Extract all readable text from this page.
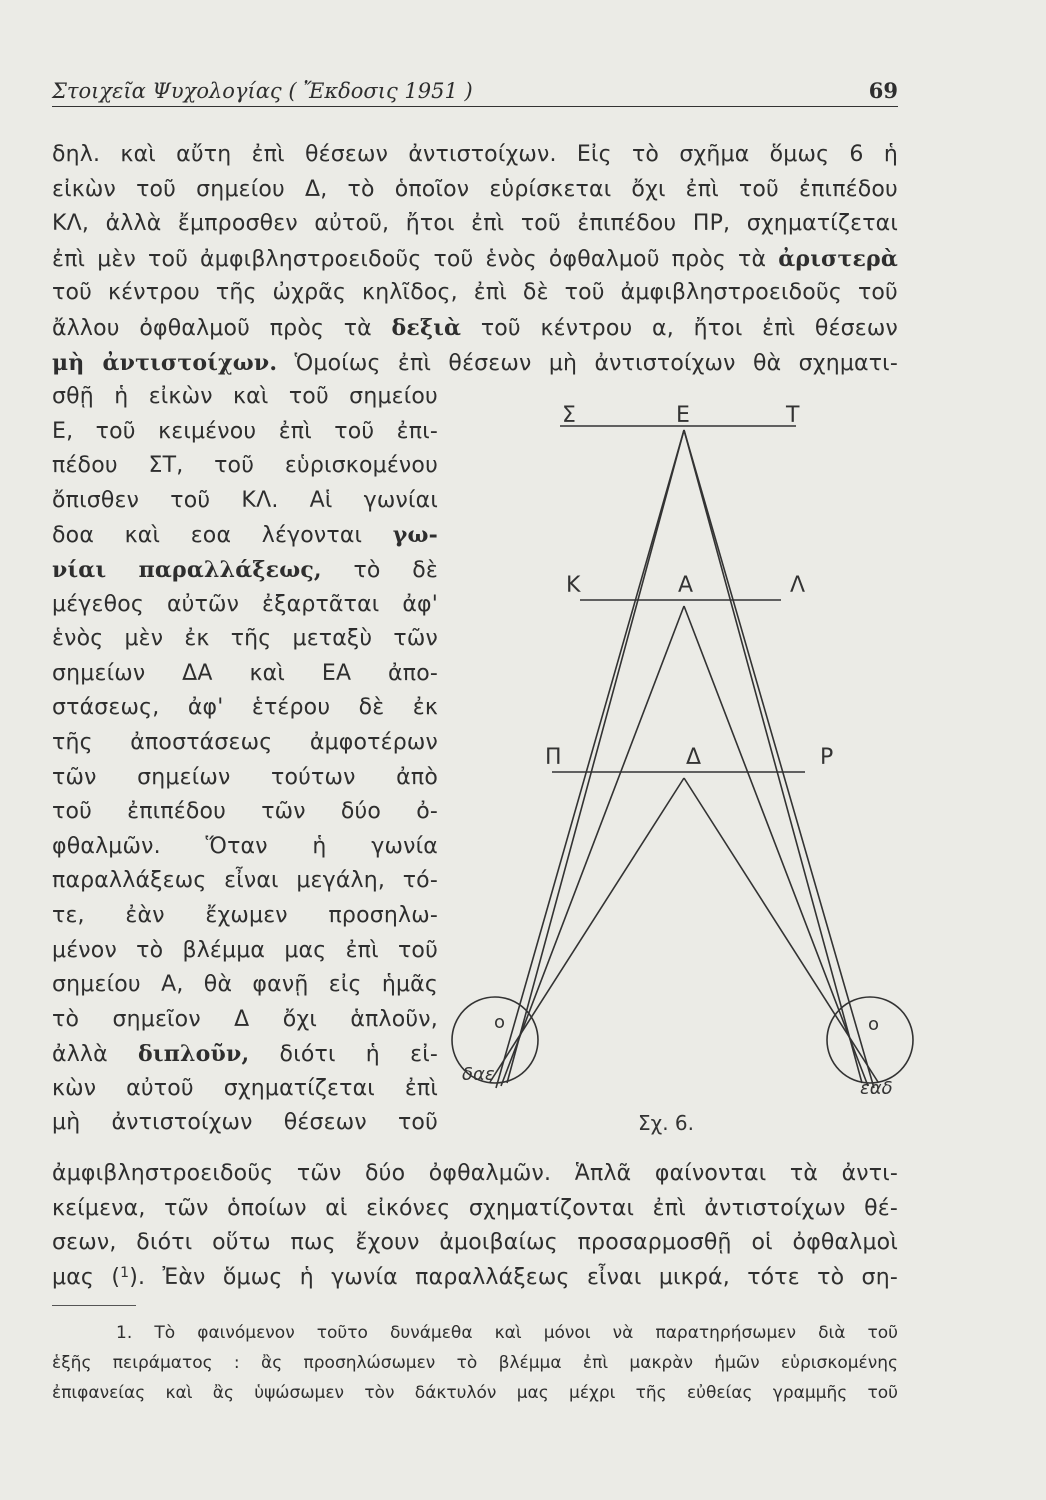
Στοιχεῖα Ψυχολογίας ( Ἔκδοσις 1951 )	69
δηλ. καὶ αὔτη ἐπὶ θέσεων ἀντιστοίχων. Εἰς τὸ σχῆμα ὅμως 6 ἡ
εἰκὼν τοῦ σημείου Δ, τὸ ὁποῖον εὑρίσκεται ὄχι ἐπὶ τοῦ ἐπιπέδου
ΚΛ, ἀλλὰ ἔμπροσθεν αὐτοῦ, ἤτοι ἐπὶ τοῦ ἐπιπέδου ΠΡ, σχηματίζεται
ἐπὶ μὲν τοῦ ἀμφιβληστροειδοῦς τοῦ ἑνὸς ὀφθαλμοῦ πρὸς τὰ ἀριστερὰ
τοῦ κέντρου τῆς ὠχρᾶς κηλῖδος, ἐπὶ δὲ τοῦ ἀμφιβληστροειδοῦς τοῦ
ἄλλου ὀφθαλμοῦ πρὸς τὰ δεξιὰ τοῦ κέντρου α, ἤτοι ἐπὶ θέσεων
μὴ ἀντιστοίχων. Ὁμοίως ἐπὶ θέσεων μὴ ἀντιστοίχων θὰ σχηματι-
σθῇ ἡ εἰκὼν καὶ τοῦ σημείου
Ε, τοῦ κειμένου ἐπὶ τοῦ ἐπι-
πέδου ΣΤ, τοῦ εὑρισκομένου
ὄπισθεν τοῦ ΚΛ. Αἱ γωνίαι
δοα καὶ εοα λέγονται γω-
νίαι παραλλάξεως, τὸ δὲ
μέγεθος αὐτῶν ἐξαρτᾶται ἀφ'
ἑνὸς μὲν ἐκ τῆς μεταξὺ τῶν
σημείων ΔΑ καὶ ΕΑ ἀπο-
στάσεως, ἀφ' ἑτέρου δὲ ἐκ
τῆς ἀποστάσεως ἀμφοτέρων
τῶν σημείων τούτων ἀπὸ
τοῦ ἐπιπέδου τῶν δύο ὀ-
φθαλμῶν. Ὅταν ἡ γωνία
παραλλάξεως εἶναι μεγάλη, τό-
τε, ἐὰν ἔχωμεν προσηλω-
μένον τὸ βλέμμα μας ἐπὶ τοῦ
σημείου Α, θὰ φανῇ εἰς ἡμᾶς
τὸ σημεῖον Δ ὄχι ἁπλοῦν,
ἀλλὰ διπλοῦν, διότι ἡ εἰ-
κὼν αὐτοῦ σχηματίζεται ἐπὶ
μὴ ἀντιστοίχων θέσεων τοῦ
ἀμφιβληστροειδοῦς τῶν δύο ὀφθαλμῶν. Ἁπλᾶ φαίνονται τὰ ἀντι-
κείμενα, τῶν ὁποίων αἱ εἰκόνες σχηματίζονται ἐπὶ ἀντιστοίχων θέ-
σεων, διότι οὕτω πως ἔχουν ἀμοιβαίως προσαρμοσθῇ οἱ ὀφθαλμοὶ
μας ($^1$). Ἐὰν ὅμως ἡ γωνία παραλλάξεως εἶναι μικρά, τότε τὸ ση-
Σ	Ε	Τ
Κ	Α	Λ
Π	Δ	Ρ
ο	ο
δαε
εαδ
Σχ. 6.
1. Τὸ φαινόμενον τοῦτο δυνάμεθα καὶ μόνοι νὰ παρατηρήσωμεν διὰ τοῦ
ἑξῆς πειράματος : ἂς προσηλώσωμεν τὸ βλέμμα ἐπὶ μακρὰν ἡμῶν εὑρισκομένης
ἐπιφανείας καὶ ἂς ὑψώσωμεν τὸν δάκτυλόν μας μέχρι τῆς εὐθείας γραμμῆς τοῦ
